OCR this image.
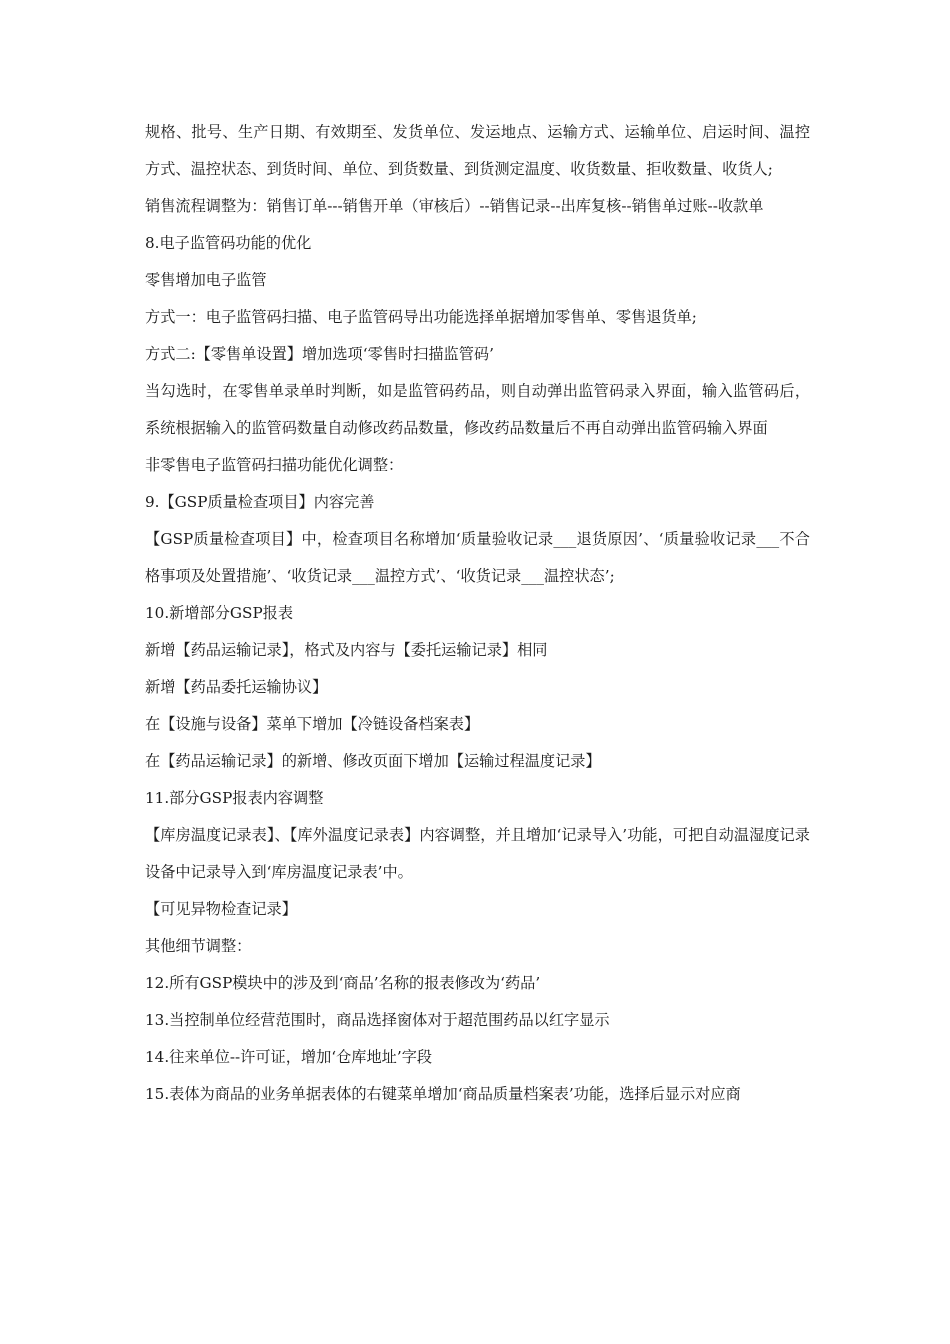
规格、批号、生产日期、有效期至、发货单位、发运地点、运输方式、运输单位、启运时间、温控方式、温控状态、到货时间、单位、到货数量、到货测定温度、收货数量、拒收数量、收货人;

销售流程调整为：销售订单---销售开单（审核后）--销售记录--出库复核--销售单过账--收款单

8.电子监管码功能的优化

零售增加电子监管

方式一：电子监管码扫描、电子监管码导出功能选择单据增加零售单、零售退货单;

方式二:【零售单设置】增加选项‘零售时扫描监管码’

当勾选时，在零售单录单时判断，如是监管码药品，则自动弹出监管码录入界面，输入监管码后，系统根据输入的监管码数量自动修改药品数量，修改药品数量后不再自动弹出监管码输入界面

非零售电子监管码扫描功能优化调整：

9.【GSP质量检查项目】内容完善

【GSP质量检查项目】中，检查项目名称增加‘质量验收记录___退货原因’、‘质量验收记录___不合格事项及处置措施’、‘收货记录___温控方式’、‘收货记录___温控状态’;

10.新增部分GSP报表

新增【药品运输记录】，格式及内容与【委托运输记录】相同

新增【药品委托运输协议】

在【设施与设备】菜单下增加【冷链设备档案表】

在【药品运输记录】的新增、修改页面下增加【运输过程温度记录】

11.部分GSP报表内容调整

【库房温度记录表】、【库外温度记录表】内容调整，并且增加‘记录导入’功能，可把自动温湿度记录设备中记录导入到‘库房温度记录表’中。

【可见异物检查记录】

其他细节调整：

12.所有GSP模块中的涉及到‘商品’名称的报表修改为‘药品’

13.当控制单位经营范围时，商品选择窗体对于超范围药品以红字显示

14.往来单位--许可证，增加‘仓库地址’字段

15.表体为商品的业务单据表体的右键菜单增加‘商品质量档案表’功能，选择后显示对应商
